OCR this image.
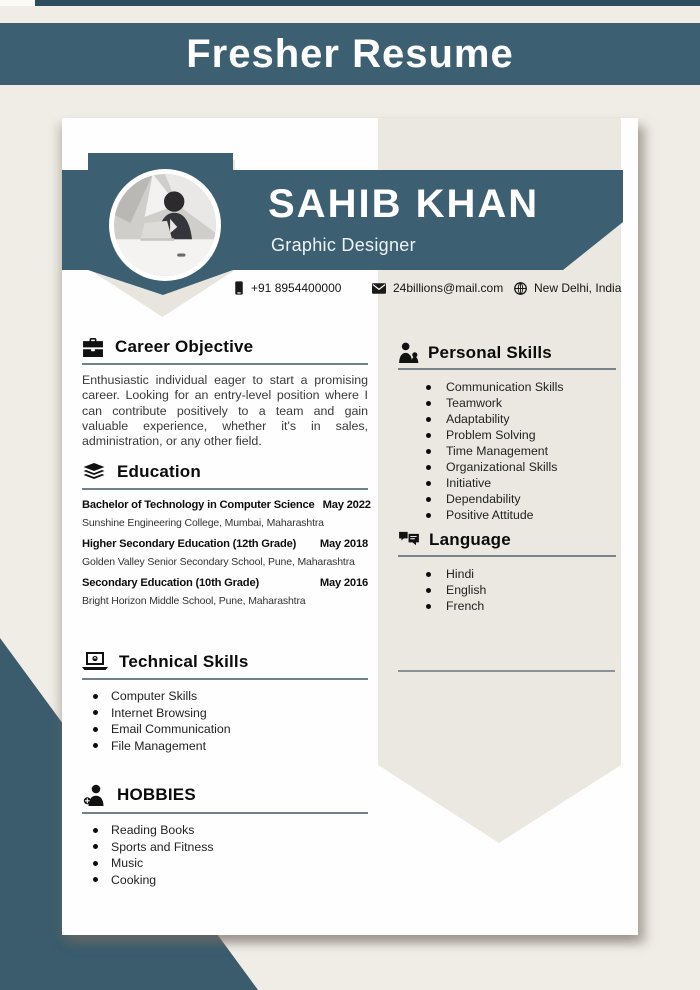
Fresher Resume
SAHIB KHAN
Graphic Designer
+91 8954400000	24billions@mail.com	New Delhi, India
Career Objective

Enthusiastic individual eager to start a promising career. Looking for an entry-level position where I can contribute positively to a team and gain valuable experience, whether it's in sales, administration, or any other field.

Education
Bachelor of Technology in Computer Science May 2022
Sunshine Engineering College, Mumbai, Maharashtra
Higher Secondary Education (12th Grade) May 2018
Golden Valley Senior Secondary School, Pune, Maharashtra
Secondary Education (10th Grade)	May 2016
Bright Horizon Middle School, Pune, Maharashtra
Technical Skills
Computer Skills
Internet Browsing
Email Communication
File Management
HOBBIES
Reading Books
Sports and Fitness
Music
Cooking
Personal Skills
Communication Skills
Teamwork
Adaptability
Problem Solving
Time Management
Organizational Skills
Initiative
Dependability
Positive Attitude
Language
Hindi
English
French
